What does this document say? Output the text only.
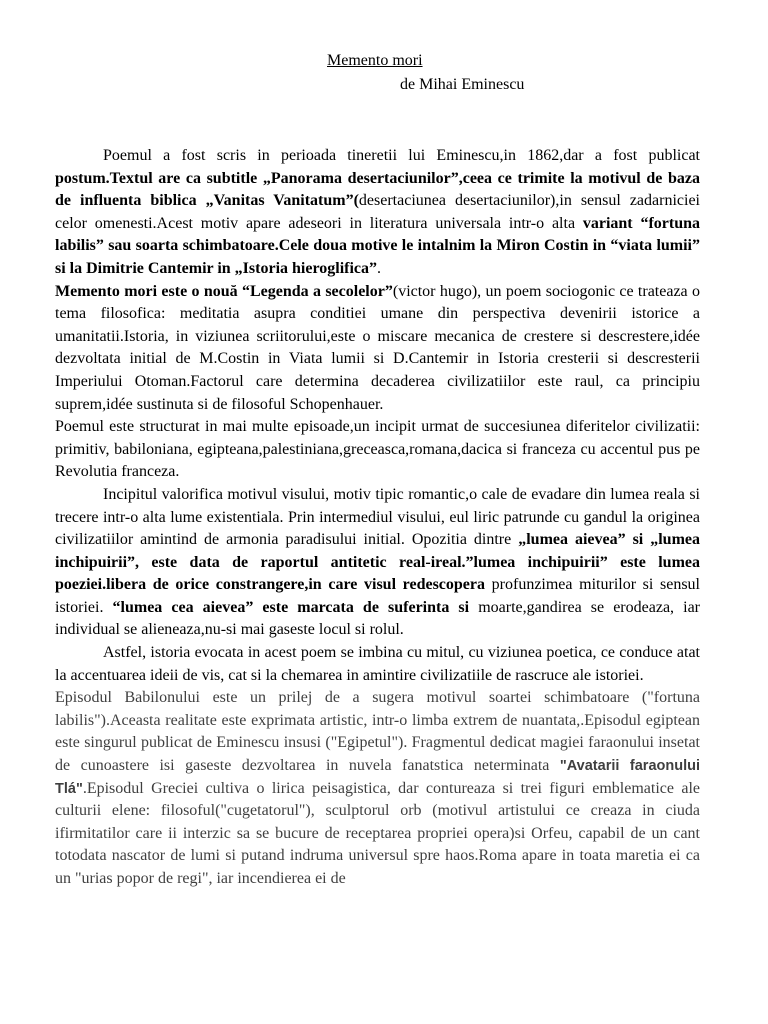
Memento mori
de Mihai Eminescu

Poemul a fost scris in perioada tineretii lui Eminescu,in 1862,dar a fost publicat postum.Textul are ca subtitle „Panorama desertaciunilor”,ceea ce trimite la motivul de baza de influenta biblica „Vanitas Vanitatum”(desertaciunea desertaciunilor),in sensul zadarniciei celor omenesti.Acest motiv apare adeseori in literatura universala intr-o alta variant “fortuna labilis” sau soarta schimbatoare.Cele doua motive le intalnim la Miron Costin in “viata lumii” si la Dimitrie Cantemir in „Istoria hieroglifica”.

Memento mori este o nouă “Legenda a secolelor”(victor hugo), un poem sociogonic ce trateaza o tema filosofica: meditatia asupra conditiei umane din perspectiva devenirii istorice a umanitatii.Istoria, in viziunea scriitorului,este o miscare mecanica de crestere si descrestere,idée dezvoltata initial de M.Costin in Viata lumii si D.Cantemir in Istoria cresterii si descresterii Imperiului Otoman.Factorul care determina decaderea civilizatiilor este raul, ca principiu suprem,idée sustinuta si de filosoful Schopenhauer.

Poemul este structurat in mai multe episoade,un incipit urmat de succesiunea diferitelor civilizatii: primitiv, babiloniana, egipteana,palestiniana,greceasca,romana,dacica si franceza cu accentul pus pe Revolutia franceza.

Incipitul valorifica motivul visului, motiv tipic romantic,o cale de evadare din lumea reala si trecere intr-o alta lume existentiala. Prin intermediul visului, eul liric patrunde cu gandul la originea civilizatiilor amintind de armonia paradisului initial. Opozitia dintre „lumea aievea” si „lumea inchipuirii”, este data de raportul antitetic real-ireal.”lumea inchipuirii” este lumea poeziei.libera de orice constrangere,in care visul redescopera profunzimea miturilor si sensul istoriei. “lumea cea aievea” este marcata de suferinta si moarte,gandirea se erodeaza, iar individual se alieneaza,nu-si mai gaseste locul si rolul.

Astfel, istoria evocata in acest poem se imbina cu mitul, cu viziunea poetica, ce conduce atat la accentuarea ideii de vis, cat si la chemarea in amintire civilizatiile de rascruce ale istoriei.

Episodul Babilonului este un prilej de a sugera motivul soartei schimbatoare ("fortuna labilis").Aceasta realitate este exprimata artistic, intr-o limba extrem de nuantata,.Episodul egiptean este singurul publicat de Eminescu insusi ("Egipetul"). Fragmentul dedicat magiei faraonului insetat de cunoastere isi gaseste dezvoltarea in nuvela fanatstica neterminata "Avatarii faraonului Tlá".Episodul Greciei cultiva o lirica peisagistica, dar contureaza si trei figuri emblematice ale culturii elene: filosoful("cugetatorul"), sculptorul orb (motivul artistului ce creaza in ciuda ifirmitatilor care ii interzic sa se bucure de receptarea propriei opera)si Orfeu, capabil de un cant totodata nascator de lumi si putand indruma universul spre haos.Roma apare in toata maretia ei ca un "urias popor de regi", iar incendierea ei de
